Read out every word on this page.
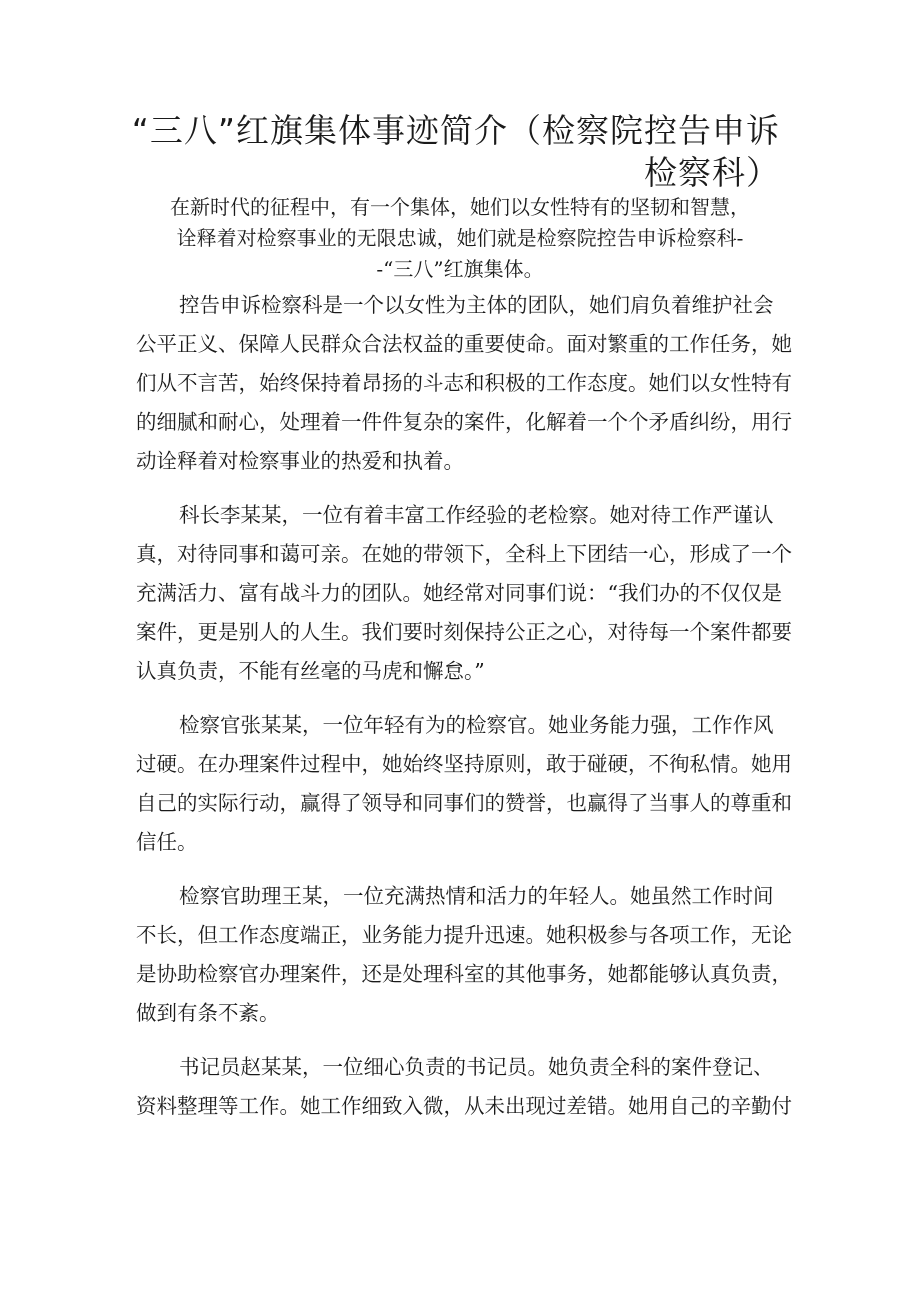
“三八”红旗集体事迹简介（检察院控告申诉
检察科）
在新时代的征程中，有一个集体，她们以女性特有的坚韧和智慧，
诠释着对检察事业的无限忠诚，她们就是检察院控告申诉检察科-
-“三八”红旗集体。
控告申诉检察科是一个以女性为主体的团队，她们肩负着维护社会
公平正义、保障人民群众合法权益的重要使命。面对繁重的工作任务，她
们从不言苦，始终保持着昂扬的斗志和积极的工作态度。她们以女性特有
的细腻和耐心，处理着一件件复杂的案件，化解着一个个矛盾纠纷，用行
动诠释着对检察事业的热爱和执着。
科长李某某，一位有着丰富工作经验的老检察。她对待工作严谨认
真，对待同事和蔼可亲。在她的带领下，全科上下团结一心，形成了一个
充满活力、富有战斗力的团队。她经常对同事们说：“我们办的不仅仅是
案件，更是别人的人生。我们要时刻保持公正之心，对待每一个案件都要
认真负责，不能有丝毫的马虎和懈怠。”
检察官张某某，一位年轻有为的检察官。她业务能力强，工作作风
过硬。在办理案件过程中，她始终坚持原则，敢于碰硬，不徇私情。她用
自己的实际行动，赢得了领导和同事们的赞誉，也赢得了当事人的尊重和
信任。
检察官助理王某，一位充满热情和活力的年轻人。她虽然工作时间
不长，但工作态度端正，业务能力提升迅速。她积极参与各项工作，无论
是协助检察官办理案件，还是处理科室的其他事务，她都能够认真负责，
做到有条不紊。
书记员赵某某，一位细心负责的书记员。她负责全科的案件登记、
资料整理等工作。她工作细致入微，从未出现过差错。她用自己的辛勤付
